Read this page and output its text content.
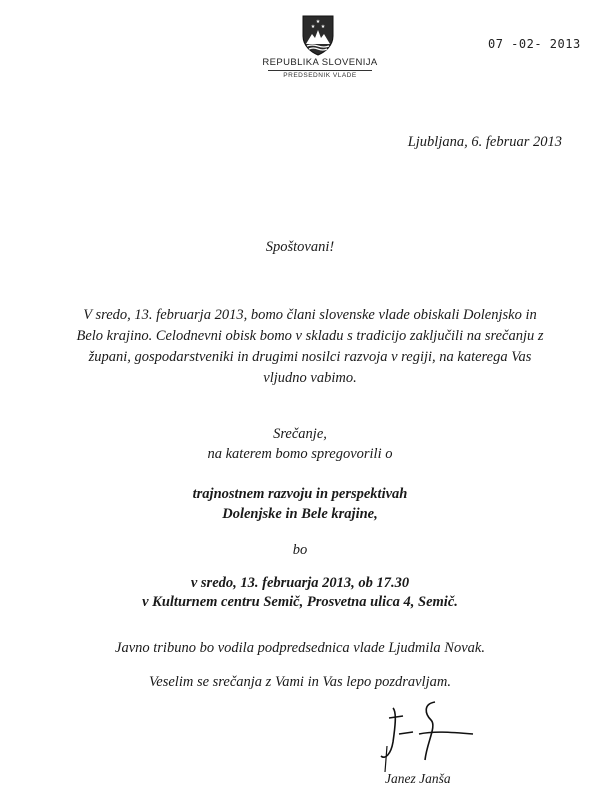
★
★ ★
REPUBLIKA SLOVENIJA
PREDSEDNIK VLADE
07 -02- 2013
Ljubljana, 6. februar 2013
Spoštovani!
V sredo, 13. februarja 2013, bomo člani slovenske vlade obiskali Dolenjsko in
Belo krajino. Celodnevni obisk bomo v skladu s tradicijo zaključili na srečanju z
župani, gospodarstveniki in drugimi nosilci razvoja v regiji, na katerega Vas
vljudno vabimo.
Srečanje,
na katerem bomo spregovorili o
trajnostnem razvoju in perspektivah
Dolenjske in Bele krajine,
bo
v sredo, 13. februarja 2013, ob 17.30
v Kulturnem centru Semič, Prosvetna ulica 4, Semič.
Javno tribuno bo vodila podpredsednica vlade Ljudmila Novak.
Veselim se srečanja z Vami in Vas lepo pozdravljam.
Janez Janša
